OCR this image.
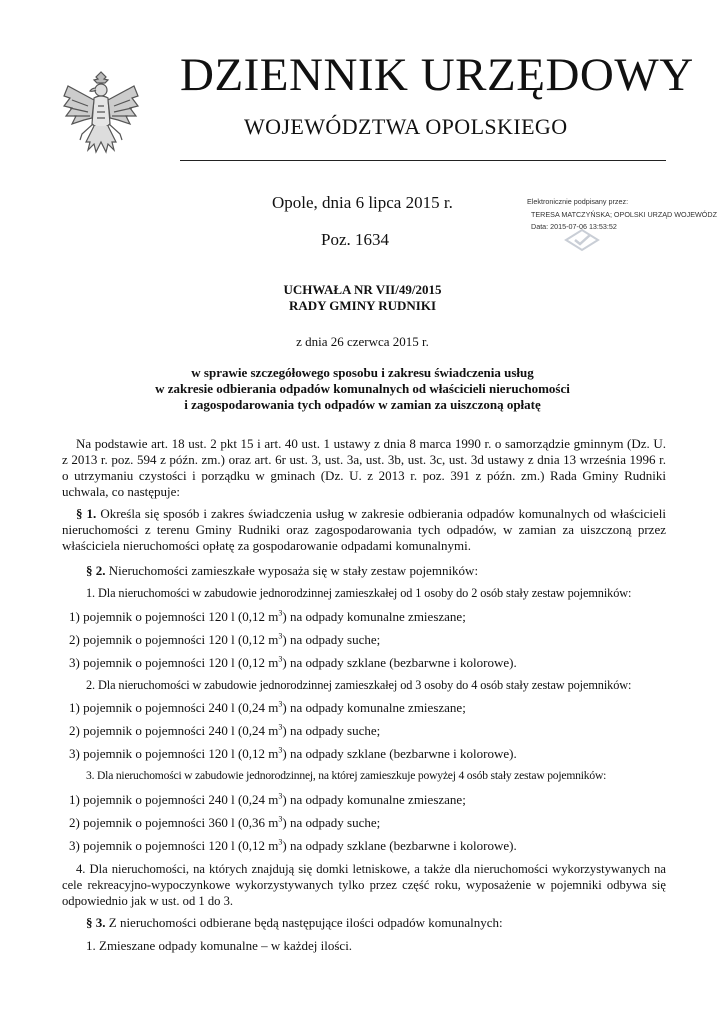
DZIENNIK URZĘDOWY
WOJEWÓDZTWA OPOLSKIEGO
Opole, dnia 6 lipca 2015 r.
Poz. 1634
Elektronicznie podpisany przez:
TERESA MATCZYŃSKA; OPOLSKI URZĄD WOJEWÓDZ
Data: 2015-07-06 13:53:52
UCHWAŁA NR VII/49/2015
RADY GMINY RUDNIKI
z dnia 26 czerwca 2015 r.
w sprawie szczegółowego sposobu i zakresu świadczenia usług
w zakresie odbierania odpadów komunalnych od właścicieli nieruchomości
i zagospodarowania tych odpadów w zamian za uiszczoną opłatę

Na podstawie art. 18 ust. 2 pkt 15 i art. 40 ust. 1 ustawy z dnia 8 marca 1990 r. o samorządzie gminnym (Dz. U. z 2013 r. poz. 594 z późn. zm.) oraz art. 6r ust. 3, ust. 3a, ust. 3b, ust. 3c, ust. 3d ustawy z dnia 13 września 1996 r. o utrzymaniu czystości i porządku w gminach (Dz. U. z 2013 r. poz. 391 z późn. zm.) Rada Gminy Rudniki uchwala, co następuje:

§ 1. Określa się sposób i zakres świadczenia usług w zakresie odbierania odpadów komunalnych od właścicieli nieruchomości z terenu Gminy Rudniki oraz zagospodarowania tych odpadów, w zamian za uiszczoną przez właściciela nieruchomości opłatę za gospodarowanie odpadami komunalnymi.

§ 2. Nieruchomości zamieszkałe wyposaża się w stały zestaw pojemników:
1. Dla nieruchomości w zabudowie jednorodzinnej zamieszkałej od 1 osoby do 2 osób stały zestaw pojemników:
1) pojemnik o pojemności 120 l (0,12 $m^3$) na odpady komunalne zmieszane;
2) pojemnik o pojemności 120 l (0,12 $m^3$) na odpady suche;
3) pojemnik o pojemności 120 l (0,12 $m^3$) na odpady szklane (bezbarwne i kolorowe).
2. Dla nieruchomości w zabudowie jednorodzinnej zamieszkałej od 3 osoby do 4 osób stały zestaw pojemników:
1) pojemnik o pojemności 240 l (0,24 $m^3$) na odpady komunalne zmieszane;
2) pojemnik o pojemności 240 l (0,24 $m^3$) na odpady suche;
3) pojemnik o pojemności 120 l (0,12 $m^3$) na odpady szklane (bezbarwne i kolorowe).
3. Dla nieruchomości w zabudowie jednorodzinnej, na której zamieszkuje powyżej 4 osób stały zestaw pojemników:
1) pojemnik o pojemności 240 l (0,24 $m^3$) na odpady komunalne zmieszane;
2) pojemnik o pojemności 360 l (0,36 $m^3$) na odpady suche;
3) pojemnik o pojemności 120 l (0,12 $m^3$) na odpady szklane (bezbarwne i kolorowe).

4. Dla nieruchomości, na których znajdują się domki letniskowe, a także dla nieruchomości wykorzystywanych na cele rekreacyjno-wypoczynkowe wykorzystywanych tylko przez część roku, wyposażenie w pojemniki odbywa się odpowiednio jak w ust. od 1 do 3.

§ 3. Z nieruchomości odbierane będą następujące ilości odpadów komunalnych:
1. Zmieszane odpady komunalne – w każdej ilości.
